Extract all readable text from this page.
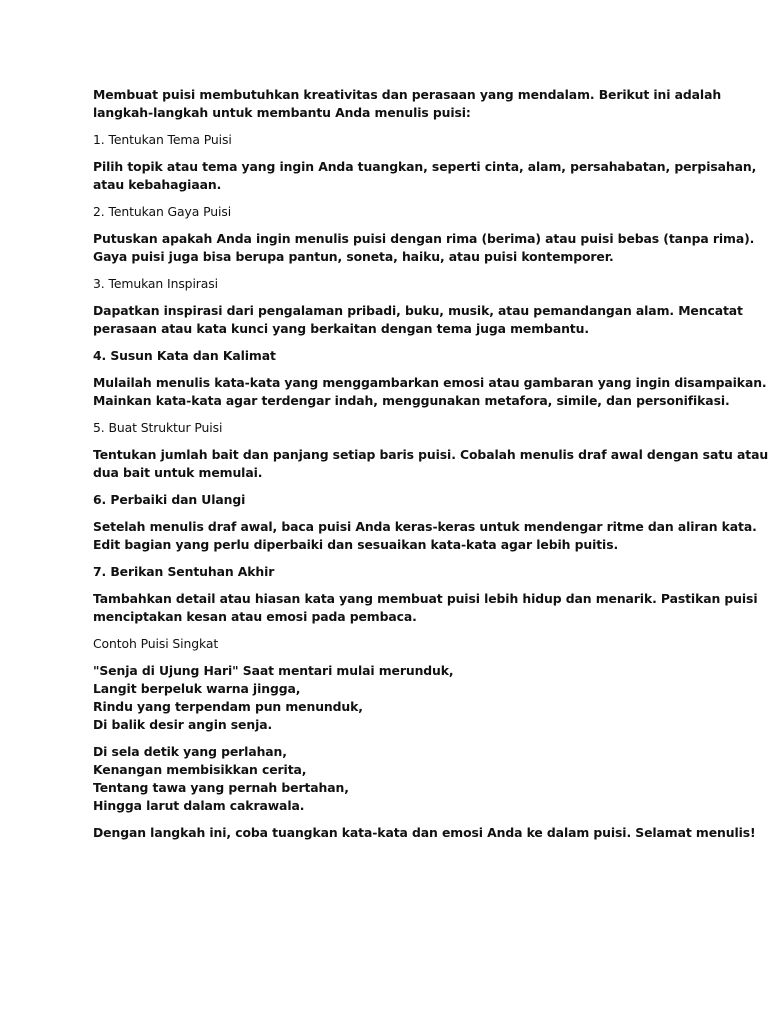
Membuat puisi membutuhkan kreativitas dan perasaan yang mendalam. Berikut ini adalah
langkah-langkah untuk membantu Anda menulis puisi:

1. Tentukan Tema Puisi

Pilih topik atau tema yang ingin Anda tuangkan, seperti cinta, alam, persahabatan, perpisahan,
atau kebahagiaan.

2. Tentukan Gaya Puisi

Putuskan apakah Anda ingin menulis puisi dengan rima (berima) atau puisi bebas (tanpa rima).
Gaya puisi juga bisa berupa pantun, soneta, haiku, atau puisi kontemporer.

3. Temukan Inspirasi

Dapatkan inspirasi dari pengalaman pribadi, buku, musik, atau pemandangan alam. Mencatat
perasaan atau kata kunci yang berkaitan dengan tema juga membantu.

4. Susun Kata dan Kalimat

Mulailah menulis kata-kata yang menggambarkan emosi atau gambaran yang ingin disampaikan.
Mainkan kata-kata agar terdengar indah, menggunakan metafora, simile, dan personifikasi.

5. Buat Struktur Puisi

Tentukan jumlah bait dan panjang setiap baris puisi. Cobalah menulis draf awal dengan satu atau
dua bait untuk memulai.

6. Perbaiki dan Ulangi

Setelah menulis draf awal, baca puisi Anda keras-keras untuk mendengar ritme dan aliran kata.
Edit bagian yang perlu diperbaiki dan sesuaikan kata-kata agar lebih puitis.

7. Berikan Sentuhan Akhir

Tambahkan detail atau hiasan kata yang membuat puisi lebih hidup dan menarik. Pastikan puisi
menciptakan kesan atau emosi pada pembaca.

Contoh Puisi Singkat

"Senja di Ujung Hari" Saat mentari mulai merunduk,
Langit berpeluk warna jingga,
Rindu yang terpendam pun menunduk,
Di balik desir angin senja.

Di sela detik yang perlahan,
Kenangan membisikkan cerita,
Tentang tawa yang pernah bertahan,
Hingga larut dalam cakrawala.

Dengan langkah ini, coba tuangkan kata-kata dan emosi Anda ke dalam puisi. Selamat menulis!
